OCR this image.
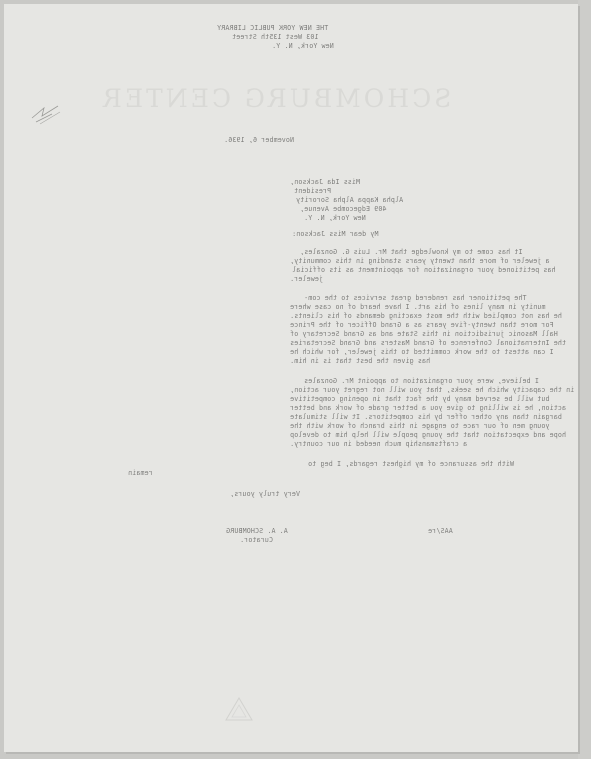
SCHOMBURG CENTER
THE NEW YORK PUBLIC LIBRARY
103 West 135th Street
New York, N. Y.
November 6, 1936.
Miss Ida Jackson,
President
Alpha Kappa Alpha Sorority
409 Edgecombe Avenue,
New York, N. Y.
My dear Miss Jackson:
It has come to my knowledge that Mr. Luis G. Gonzales,
a jeweler of more than twenty years standing in this community,
has petitioned your organization for appointment as its official
jeweler.
The petitioner has rendered great services to the com-
munity in many lines of his art. I have heard of no case where
he has not complied with the most exacting demands of his clients.
For more than twenty-five years as a Grand Officer of the Prince
Hall Masonic jurisdiction in this State and as Grand Secretary of
the International Conference of Grand Masters and Grand Secretaries
I can attest to the work committed to this jeweler, for which he
has given the best that is in him.
I believe, were your organization to appoint Mr. Gonzales
in the capacity which he seeks, that you will not regret your action,
but will be served many by the fact that in opening competitive
action, he is willing to give you a better grade of work and better
bargain than any other offer by his competitors. It will stimulate
young men of our race to engage in this branch of work with the
hope and expectation that the young people will help him to develop
a craftsmanship much needed in our country.
With the assurance of my highest regards, I beg to
remain
Very truly yours,
AAS/re
A. A. SCHOMBURG
Curator.
